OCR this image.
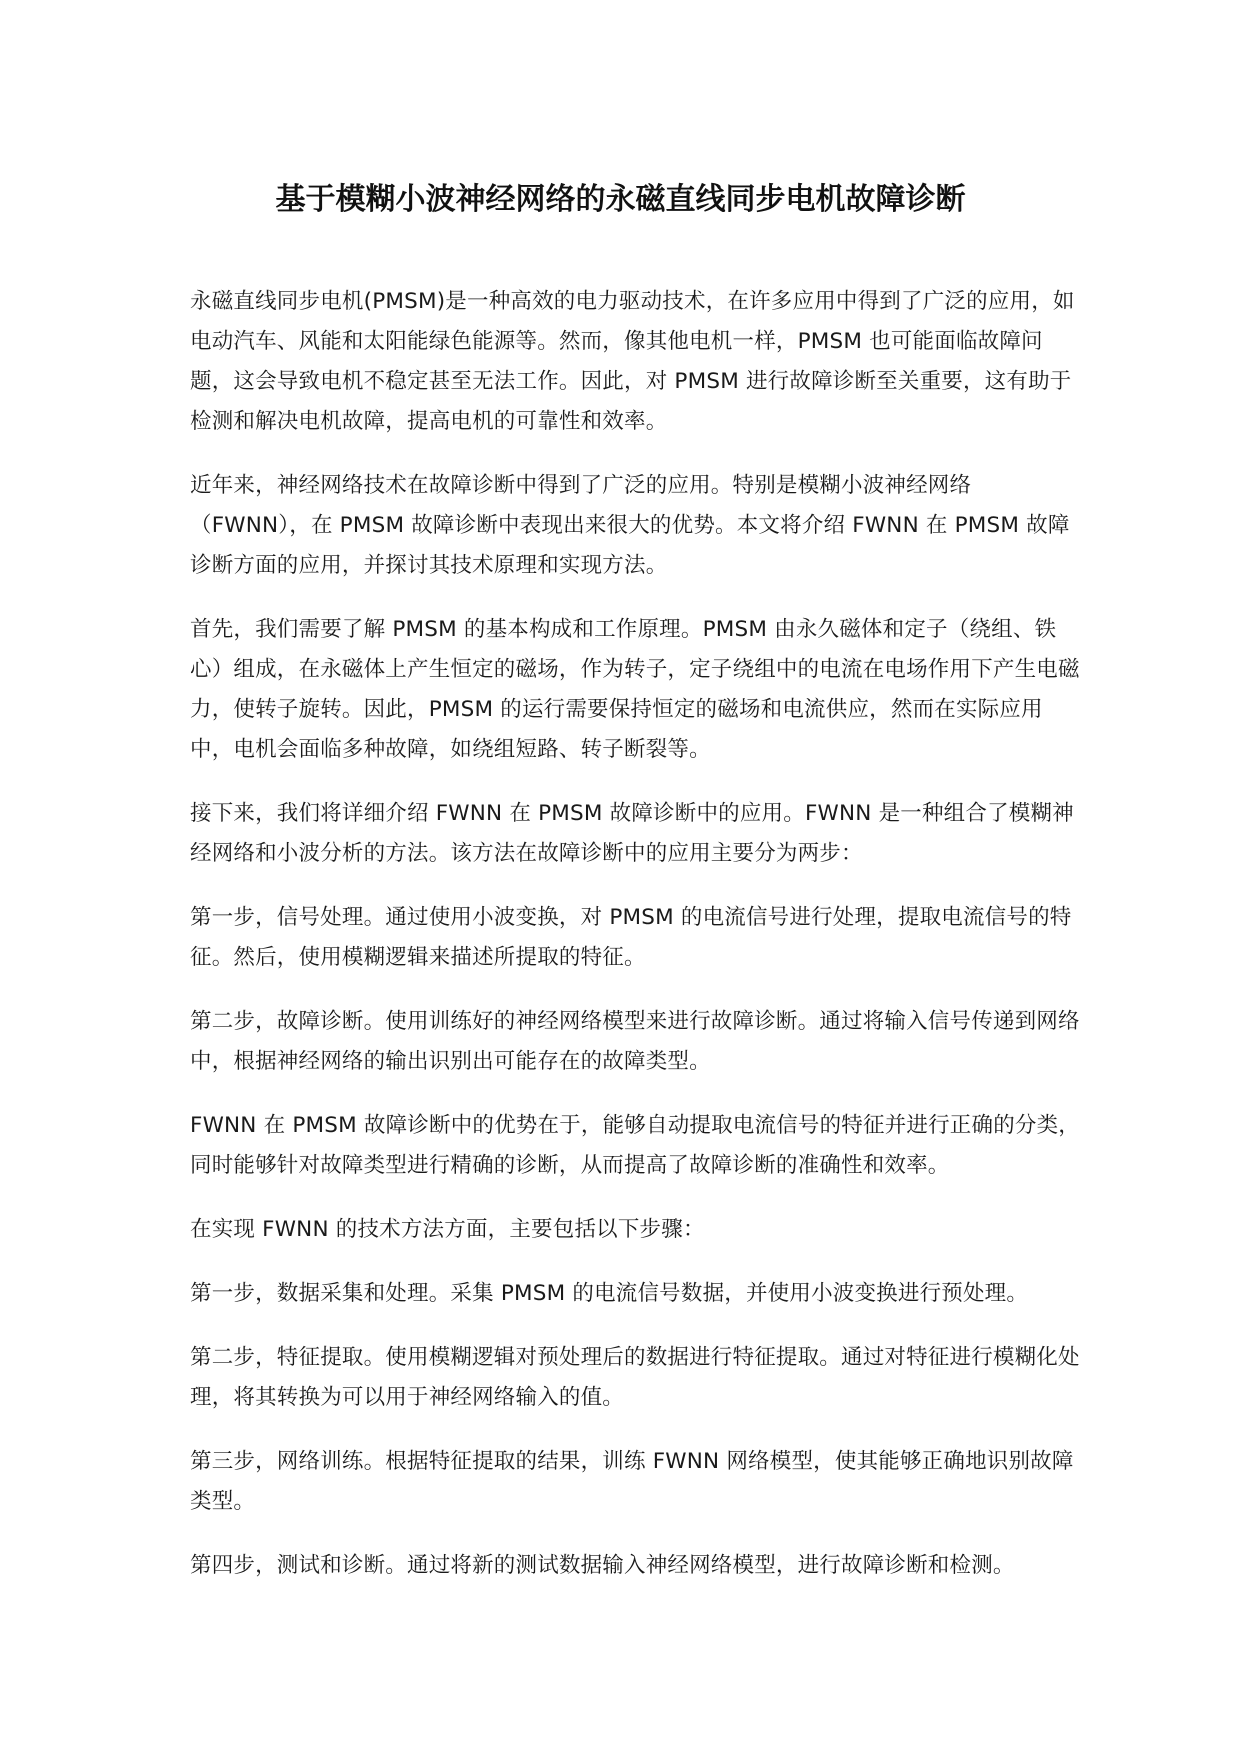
基于模糊小波神经网络的永磁直线同步电机故障诊断

永磁直线同步电机(PMSM)是一种高效的电力驱动技术，在许多应用中得到了广泛的应用，如电动汽车、风能和太阳能绿色能源等。然而，像其他电机一样，PMSM 也可能面临故障问题，这会导致电机不稳定甚至无法工作。因此，对 PMSM 进行故障诊断至关重要，这有助于检测和解决电机故障，提高电机的可靠性和效率。

近年来，神经网络技术在故障诊断中得到了广泛的应用。特别是模糊小波神经网络（FWNN），在 PMSM 故障诊断中表现出来很大的优势。本文将介绍 FWNN 在 PMSM 故障诊断方面的应用，并探讨其技术原理和实现方法。

首先，我们需要了解 PMSM 的基本构成和工作原理。PMSM 由永久磁体和定子（绕组、铁心）组成，在永磁体上产生恒定的磁场，作为转子，定子绕组中的电流在电场作用下产生电磁力，使转子旋转。因此，PMSM 的运行需要保持恒定的磁场和电流供应，然而在实际应用中，电机会面临多种故障，如绕组短路、转子断裂等。

接下来，我们将详细介绍 FWNN 在 PMSM 故障诊断中的应用。FWNN 是一种组合了模糊神经网络和小波分析的方法。该方法在故障诊断中的应用主要分为两步：

第一步，信号处理。通过使用小波变换，对 PMSM 的电流信号进行处理，提取电流信号的特征。然后，使用模糊逻辑来描述所提取的特征。

第二步，故障诊断。使用训练好的神经网络模型来进行故障诊断。通过将输入信号传递到网络中，根据神经网络的输出识别出可能存在的故障类型。

FWNN 在 PMSM 故障诊断中的优势在于，能够自动提取电流信号的特征并进行正确的分类，同时能够针对故障类型进行精确的诊断，从而提高了故障诊断的准确性和效率。

在实现 FWNN 的技术方法方面，主要包括以下步骤：

第一步，数据采集和处理。采集 PMSM 的电流信号数据，并使用小波变换进行预处理。

第二步，特征提取。使用模糊逻辑对预处理后的数据进行特征提取。通过对特征进行模糊化处理，将其转换为可以用于神经网络输入的值。

第三步，网络训练。根据特征提取的结果，训练 FWNN 网络模型，使其能够正确地识别故障类型。

第四步，测试和诊断。通过将新的测试数据输入神经网络模型，进行故障诊断和检测。
